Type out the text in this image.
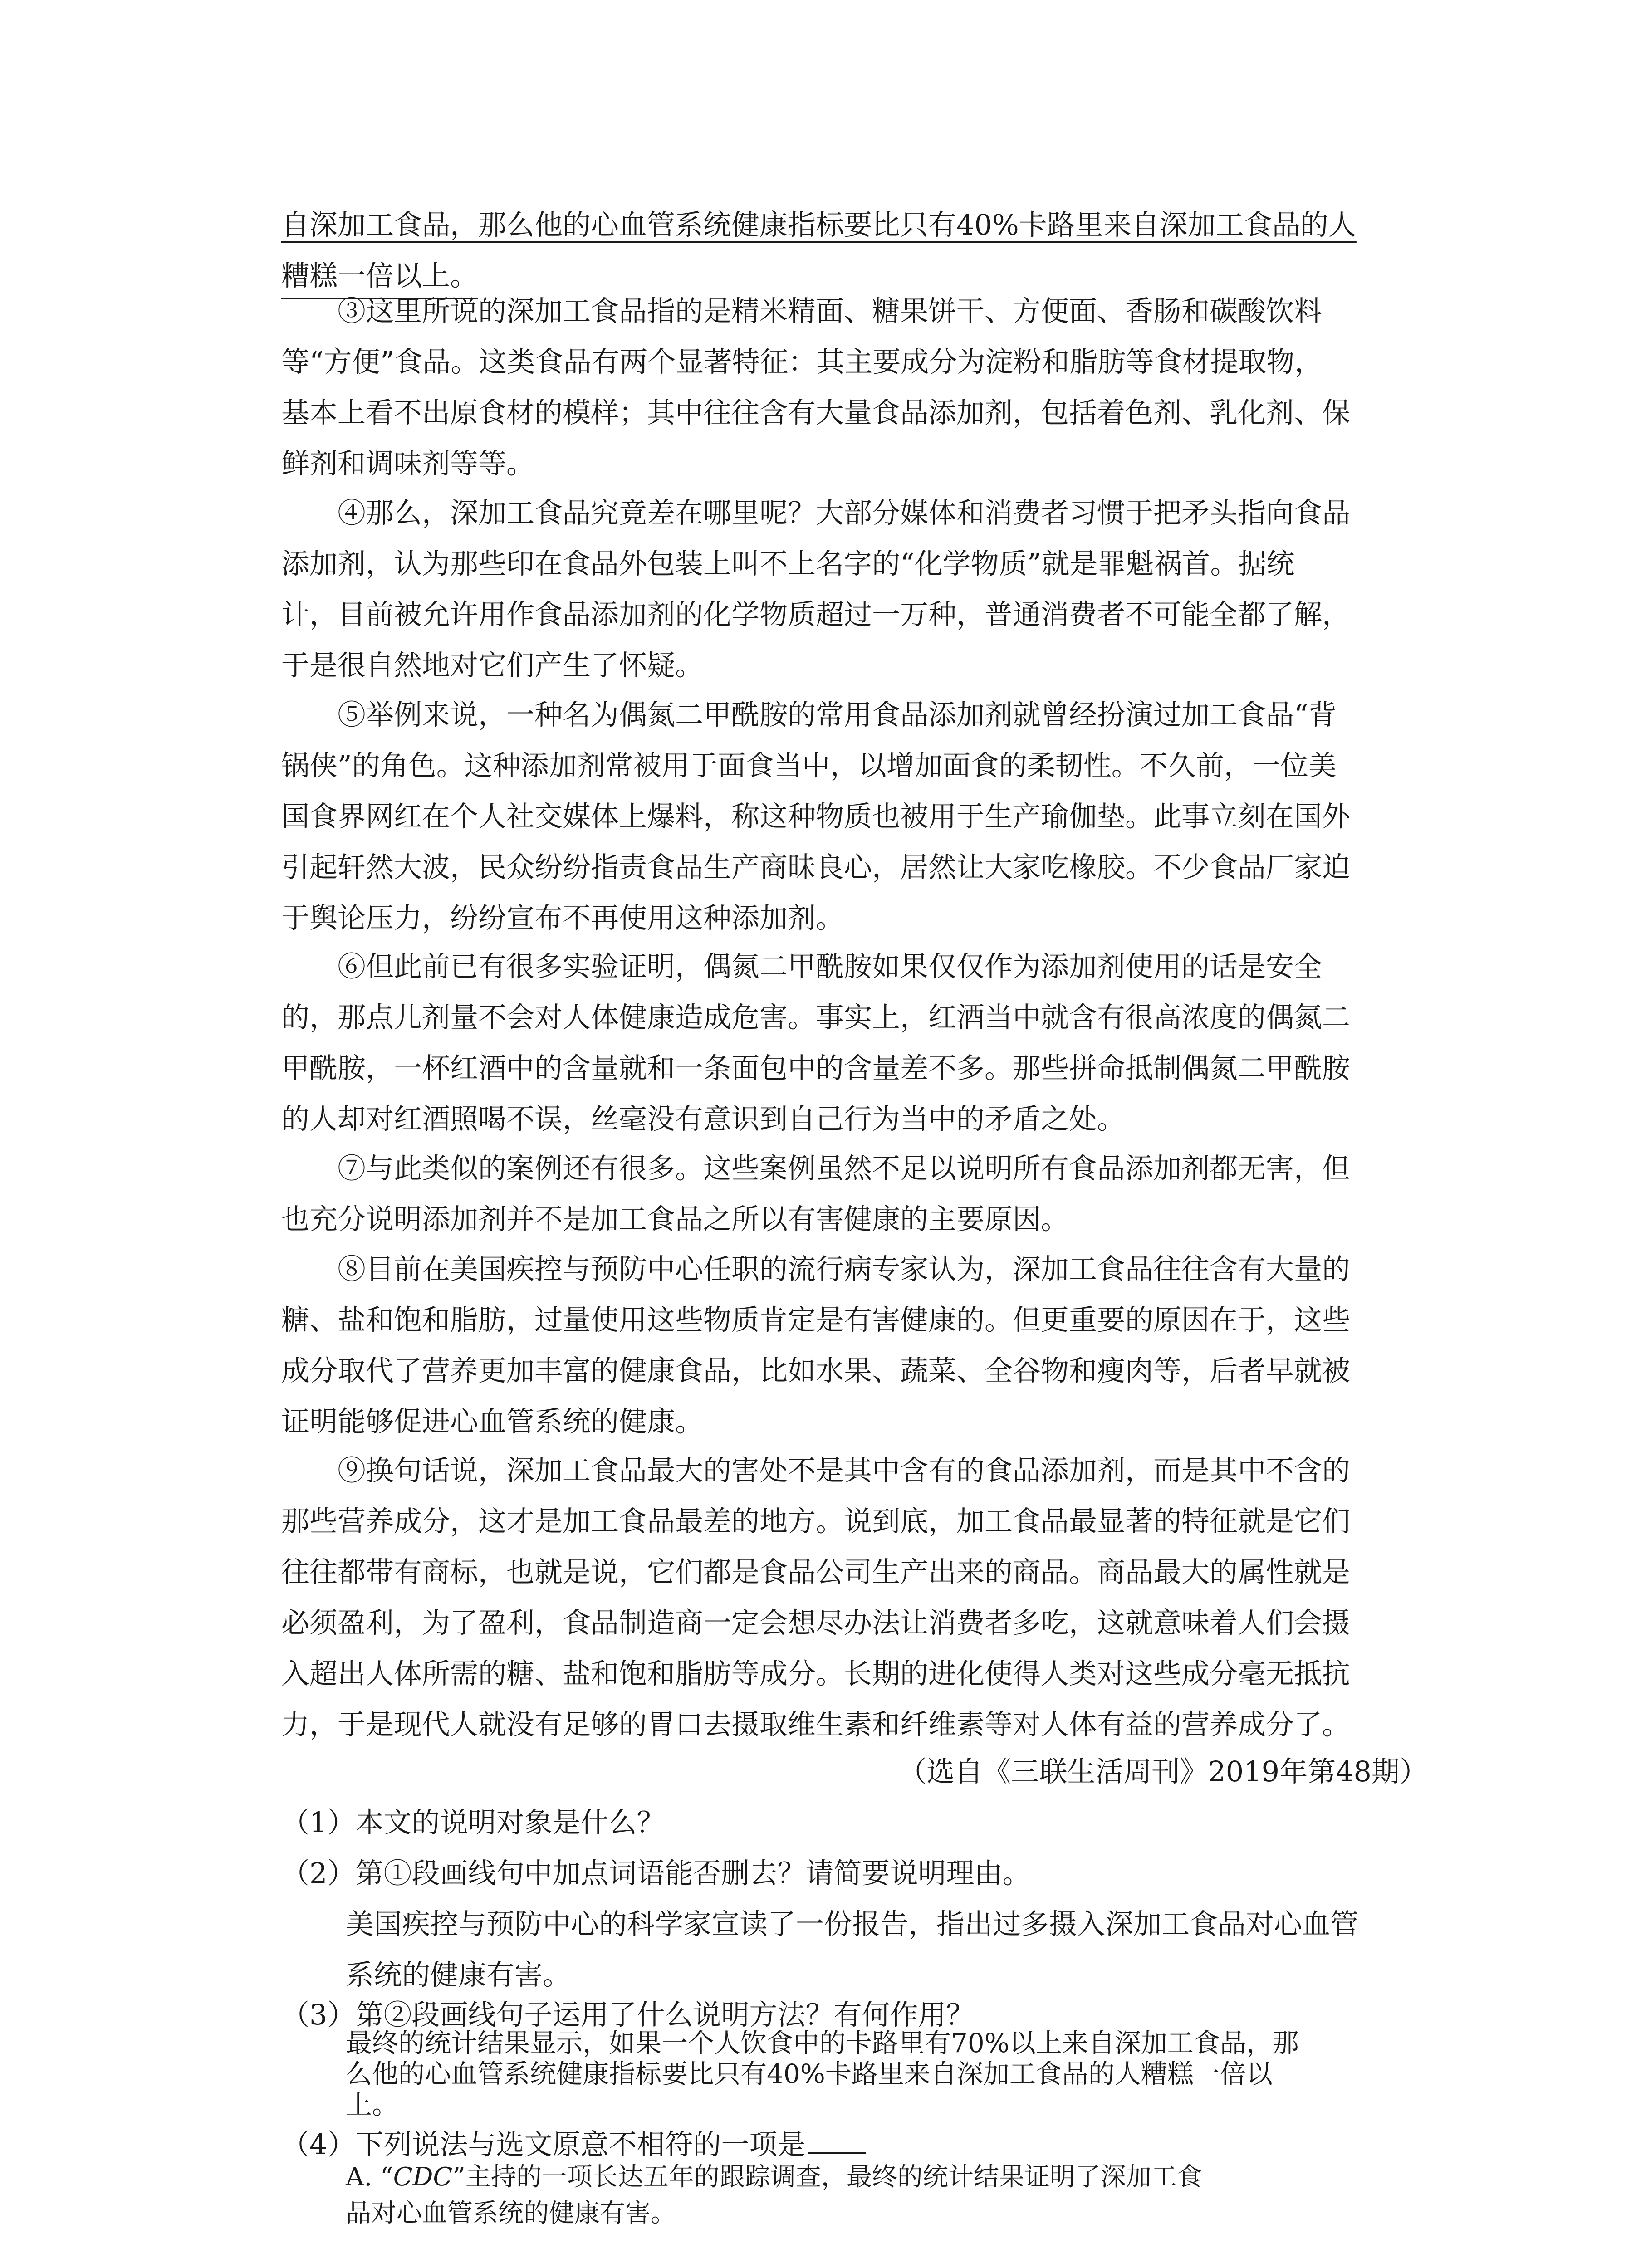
自深加工食品，那么他的心血管系统健康指标要比只有40%卡路里来自深加工食品的人
糟糕一倍以上。
③这里所说的深加工食品指的是精米精面、糖果饼干、方便面、香肠和碳酸饮料
等“方便”食品。这类食品有两个显著特征：其主要成分为淀粉和脂肪等食材提取物，
基本上看不出原食材的模样；其中往往含有大量食品添加剂，包括着色剂、乳化剂、保
鲜剂和调味剂等等。
④那么，深加工食品究竟差在哪里呢？大部分媒体和消费者习惯于把矛头指向食品
添加剂，认为那些印在食品外包装上叫不上名字的“化学物质”就是罪魁祸首。据统
计，目前被允许用作食品添加剂的化学物质超过一万种，普通消费者不可能全都了解，
于是很自然地对它们产生了怀疑。
⑤举例来说，一种名为偶氮二甲酰胺的常用食品添加剂就曾经扮演过加工食品“背
锅侠”的角色。这种添加剂常被用于面食当中，以增加面食的柔韧性。不久前，一位美
国食界网红在个人社交媒体上爆料，称这种物质也被用于生产瑜伽垫。此事立刻在国外
引起轩然大波，民众纷纷指责食品生产商昧良心，居然让大家吃橡胶。不少食品厂家迫
于舆论压力，纷纷宣布不再使用这种添加剂。
⑥但此前已有很多实验证明，偶氮二甲酰胺如果仅仅作为添加剂使用的话是安全
的，那点儿剂量不会对人体健康造成危害。事实上，红酒当中就含有很高浓度的偶氮二
甲酰胺，一杯红酒中的含量就和一条面包中的含量差不多。那些拼命抵制偶氮二甲酰胺
的人却对红酒照喝不误，丝毫没有意识到自己行为当中的矛盾之处。
⑦与此类似的案例还有很多。这些案例虽然不足以说明所有食品添加剂都无害，但
也充分说明添加剂并不是加工食品之所以有害健康的主要原因。
⑧目前在美国疾控与预防中心任职的流行病专家认为，深加工食品往往含有大量的
糖、盐和饱和脂肪，过量使用这些物质肯定是有害健康的。但更重要的原因在于，这些
成分取代了营养更加丰富的健康食品，比如水果、蔬菜、全谷物和瘦肉等，后者早就被
证明能够促进心血管系统的健康。
⑨换句话说，深加工食品最大的害处不是其中含有的食品添加剂，而是其中不含的
那些营养成分，这才是加工食品最差的地方。说到底，加工食品最显著的特征就是它们
往往都带有商标，也就是说，它们都是食品公司生产出来的商品。商品最大的属性就是
必须盈利，为了盈利，食品制造商一定会想尽办法让消费者多吃，这就意味着人们会摄
入超出人体所需的糖、盐和饱和脂肪等成分。长期的进化使得人类对这些成分毫无抵抗
力，于是现代人就没有足够的胃口去摄取维生素和纤维素等对人体有益的营养成分了。
（选自《三联生活周刊》2019年第48期）
（1）本文的说明对象是什么？
（2）第①段画线句中加点词语能否删去？请简要说明理由。
美国疾控与预防中心的科学家宣读了一份报告，指出过多摄入深加工食品对心血管
系统的健康有害。
（3）第②段画线句子运用了什么说明方法？有何作用？
最终的统计结果显示，如果一个人饮食中的卡路里有70%以上来自深加工食品，那
么他的心血管系统健康指标要比只有40%卡路里来自深加工食品的人糟糕一倍以
上。
（4）下列说法与选文原意不相符的一项是
A. “CDC”主持的一项长达五年的跟踪调查，最终的统计结果证明了深加工食
品对心血管系统的健康有害。
